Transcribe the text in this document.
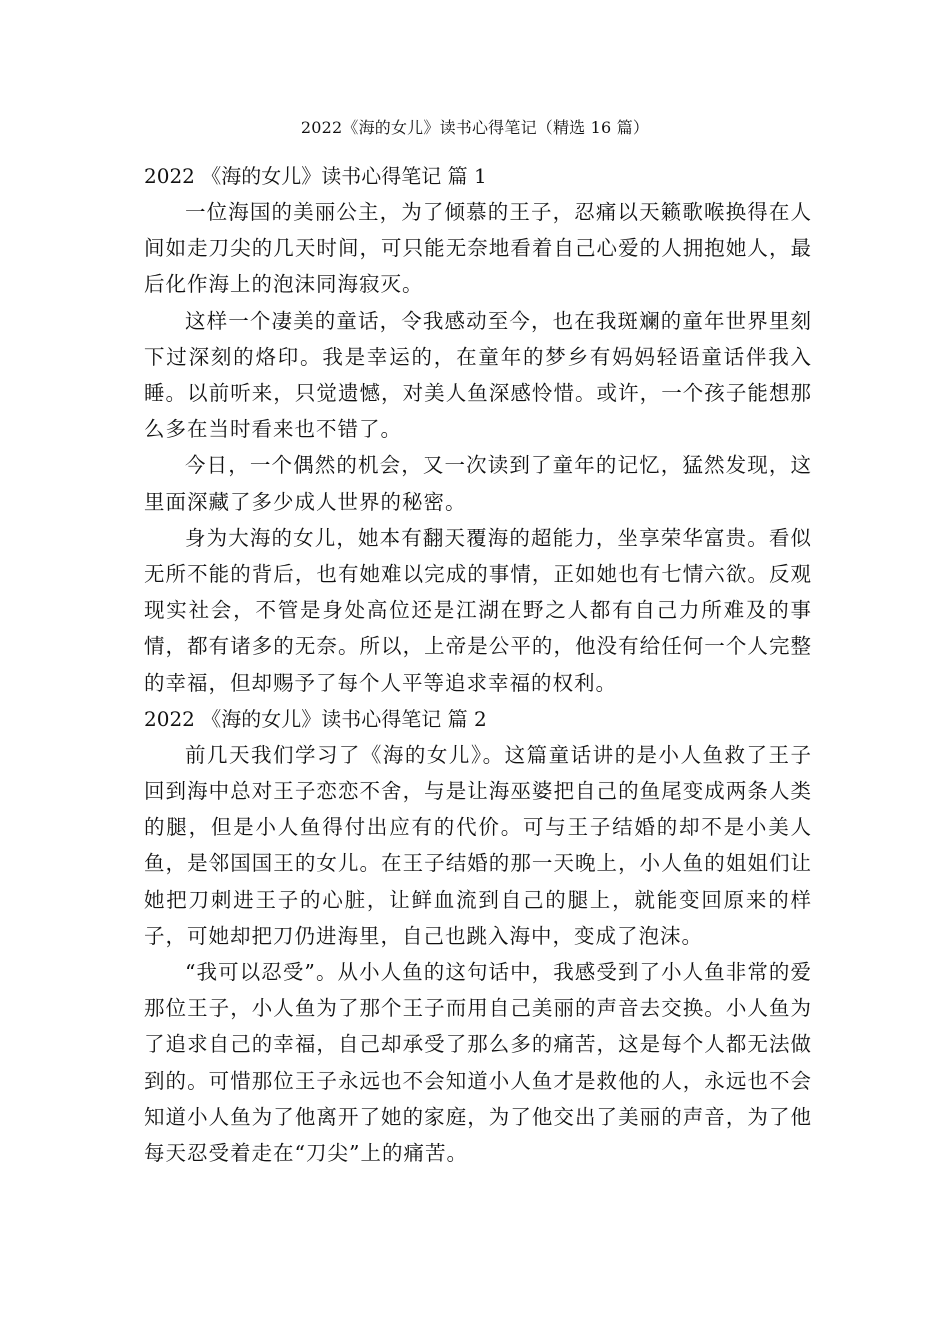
2022《海的女儿》读书心得笔记（精选 16 篇）
2022 《海的女儿》读书心得笔记 篇 1

一位海国的美丽公主，为了倾慕的王子，忍痛以天籁歌喉换得在人间如走刀尖的几天时间，可只能无奈地看着自己心爱的人拥抱她人，最后化作海上的泡沫同海寂灭。

这样一个凄美的童话，令我感动至今，也在我斑斓的童年世界里刻下过深刻的烙印。我是幸运的，在童年的梦乡有妈妈轻语童话伴我入睡。以前听来，只觉遗憾，对美人鱼深感怜惜。或许，一个孩子能想那么多在当时看来也不错了。

今日，一个偶然的机会，又一次读到了童年的记忆，猛然发现，这里面深藏了多少成人世界的秘密。

身为大海的女儿，她本有翻天覆海的超能力，坐享荣华富贵。看似无所不能的背后，也有她难以完成的事情，正如她也有七情六欲。反观现实社会，不管是身处高位还是江湖在野之人都有自己力所难及的事情，都有诸多的无奈。所以，上帝是公平的，他没有给任何一个人完整的幸福，但却赐予了每个人平等追求幸福的权利。

2022 《海的女儿》读书心得笔记 篇 2

前几天我们学习了《海的女儿》。这篇童话讲的是小人鱼救了王子回到海中总对王子恋恋不舍，与是让海巫婆把自己的鱼尾变成两条人类的腿，但是小人鱼得付出应有的代价。可与王子结婚的却不是小美人鱼，是邻国国王的女儿。在王子结婚的那一天晚上，小人鱼的姐姐们让她把刀刺进王子的心脏，让鲜血流到自己的腿上，就能变回原来的样子，可她却把刀仍进海里，自己也跳入海中，变成了泡沫。

“我可以忍受”。从小人鱼的这句话中，我感受到了小人鱼非常的爱那位王子，小人鱼为了那个王子而用自己美丽的声音去交换。小人鱼为了追求自己的幸福，自己却承受了那么多的痛苦，这是每个人都无法做到的。可惜那位王子永远也不会知道小人鱼才是救他的人，永远也不会知道小人鱼为了他离开了她的家庭，为了他交出了美丽的声音，为了他每天忍受着走在“刀尖”上的痛苦。
